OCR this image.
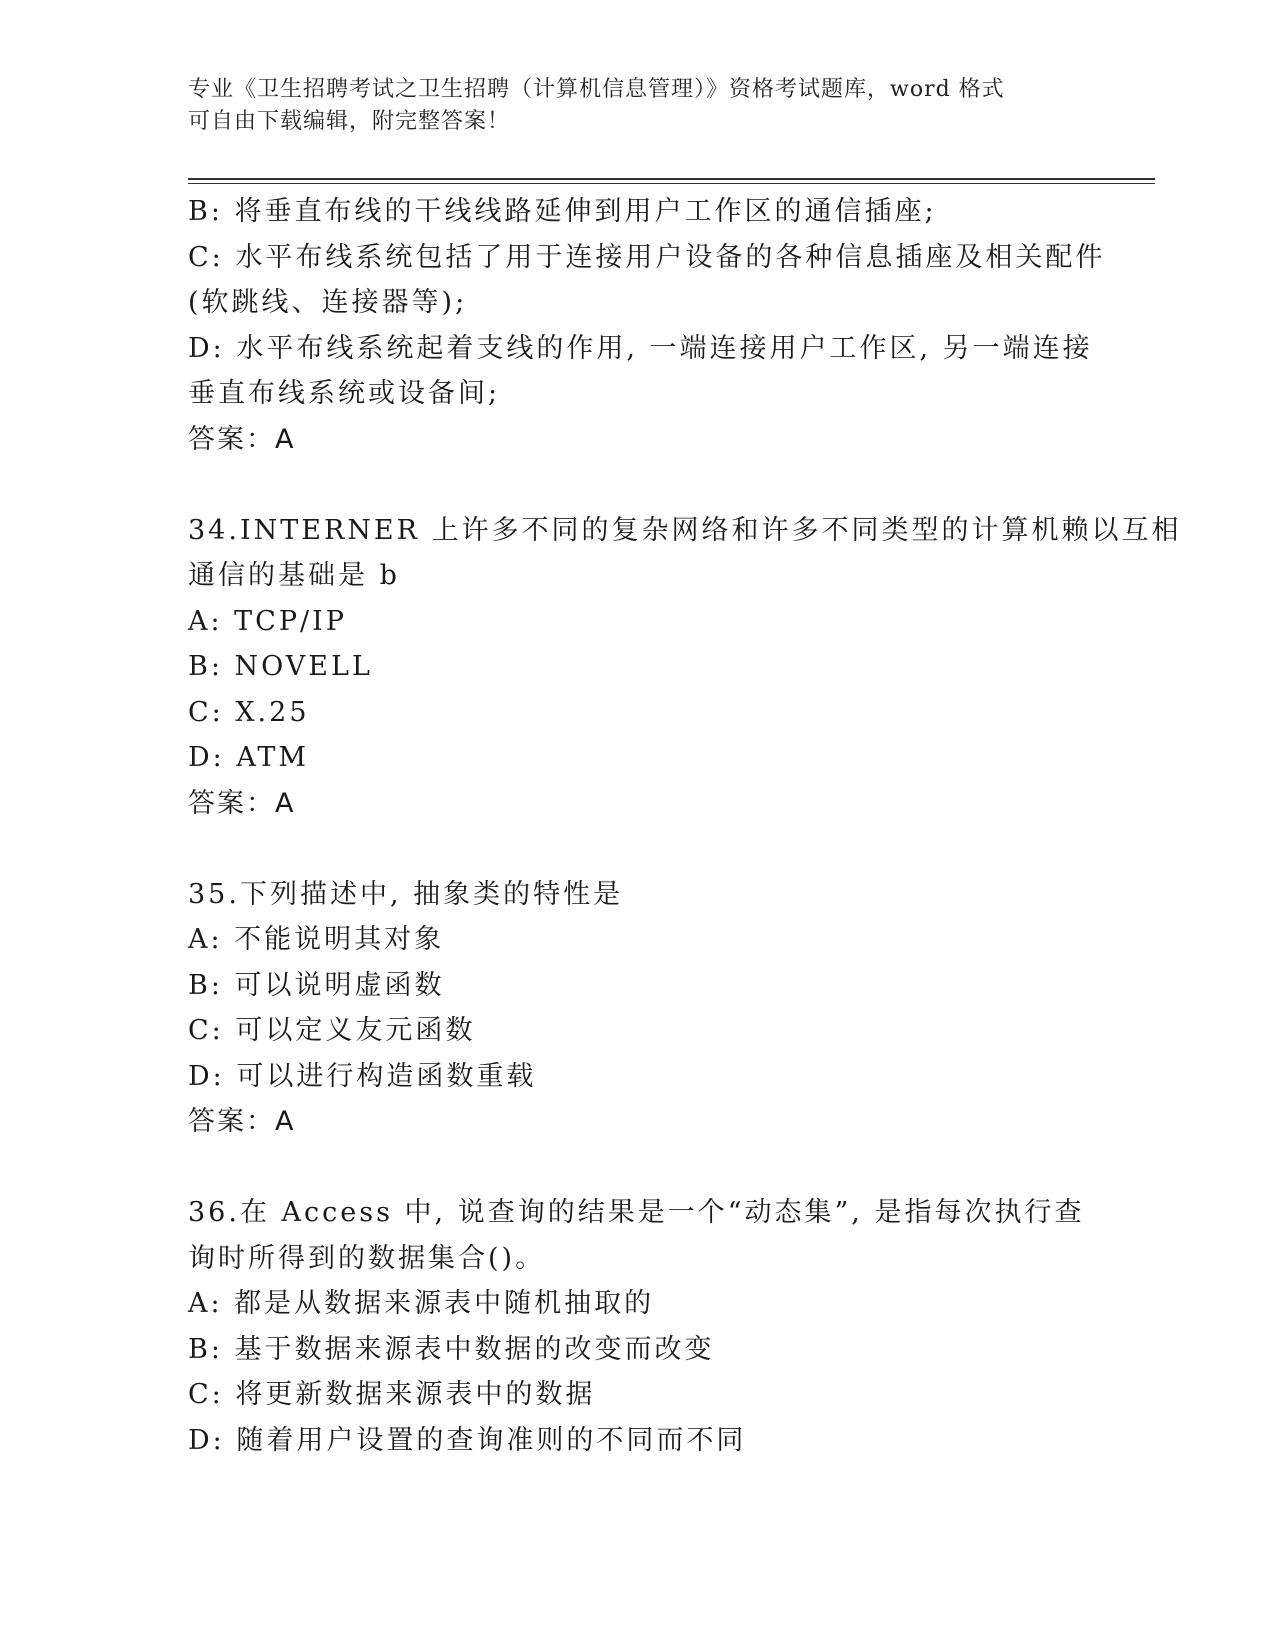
专业《卫生招聘考试之卫生招聘（计算机信息管理）》资格考试题库，word 格式
可自由下载编辑，附完整答案！
B: 将垂直布线的干线线路延伸到用户工作区的通信插座;
C: 水平布线系统包括了用于连接用户设备的各种信息插座及相关配件
(软跳线、连接器等);
D: 水平布线系统起着支线的作用, 一端连接用户工作区, 另一端连接
垂直布线系统或设备间;
答案：A
34.INTERNER 上许多不同的复杂网络和许多不同类型的计算机赖以互相
通信的基础是 b
A: TCP/IP
B: NOVELL
C: X.25
D: ATM
答案：A
35.下列描述中, 抽象类的特性是
A: 不能说明其对象
B: 可以说明虚函数
C: 可以定义友元函数
D: 可以进行构造函数重载
答案：A
36.在 Access 中, 说查询的结果是一个“动态集”, 是指每次执行查
询时所得到的数据集合()。
A: 都是从数据来源表中随机抽取的
B: 基于数据来源表中数据的改变而改变
C: 将更新数据来源表中的数据
D: 随着用户设置的查询准则的不同而不同
